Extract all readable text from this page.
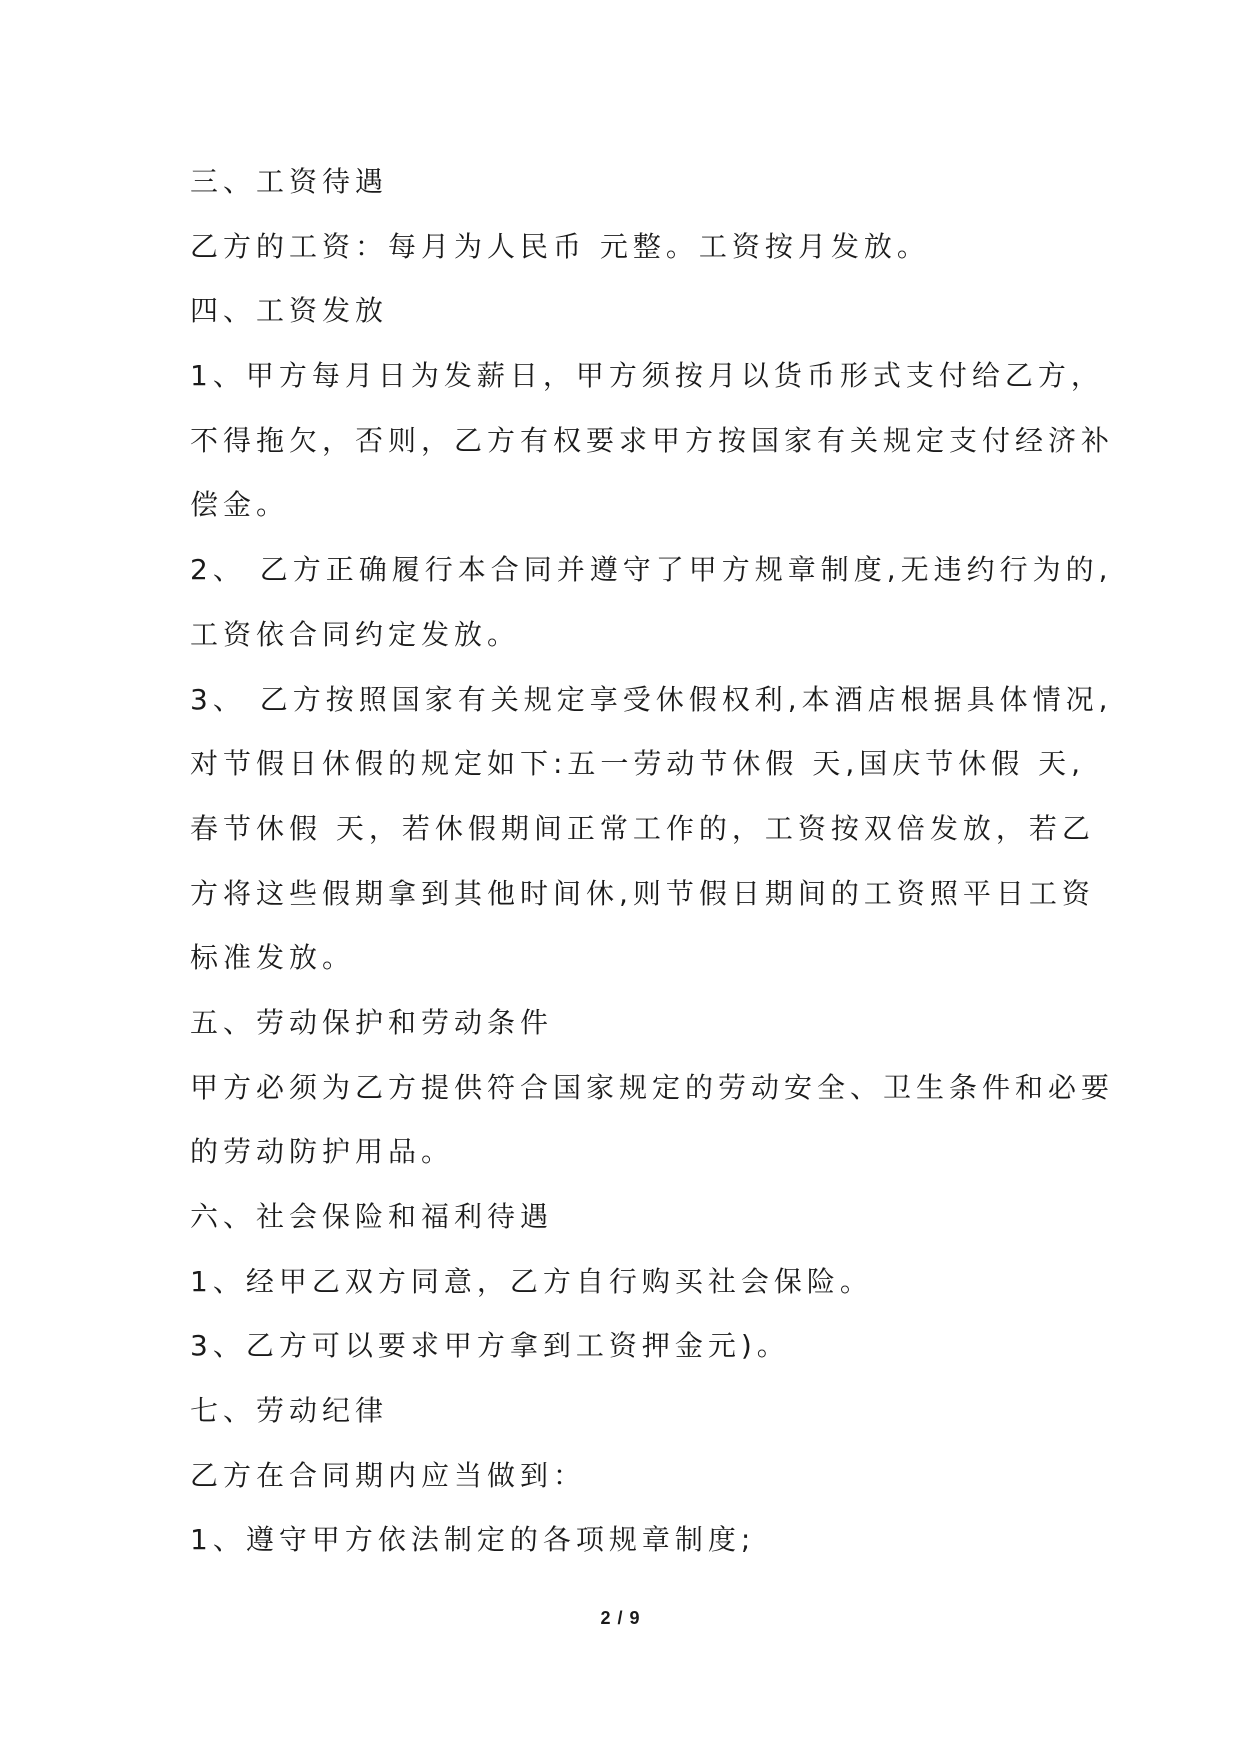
三、工资待遇
乙方的工资：每月为人民币 元整。工资按月发放。
四、工资发放
1、甲方每月日为发薪日，甲方须按月以货币形式支付给乙方，
不得拖欠，否则，乙方有权要求甲方按国家有关规定支付经济补
偿金。
2、 乙方正确履行本合同并遵守了甲方规章制度,无违约行为的,
工资依合同约定发放。
3、 乙方按照国家有关规定享受休假权利,本酒店根据具体情况,
对节假日休假的规定如下:五一劳动节休假 天,国庆节休假 天,
春节休假 天，若休假期间正常工作的，工资按双倍发放，若乙
方将这些假期拿到其他时间休,则节假日期间的工资照平日工资
标准发放。
五、劳动保护和劳动条件
甲方必须为乙方提供符合国家规定的劳动安全、卫生条件和必要
的劳动防护用品。
六、社会保险和福利待遇
1、经甲乙双方同意，乙方自行购买社会保险。
3、乙方可以要求甲方拿到工资押金元)。
七、劳动纪律
乙方在合同期内应当做到：
1、遵守甲方依法制定的各项规章制度;
2 / 9
